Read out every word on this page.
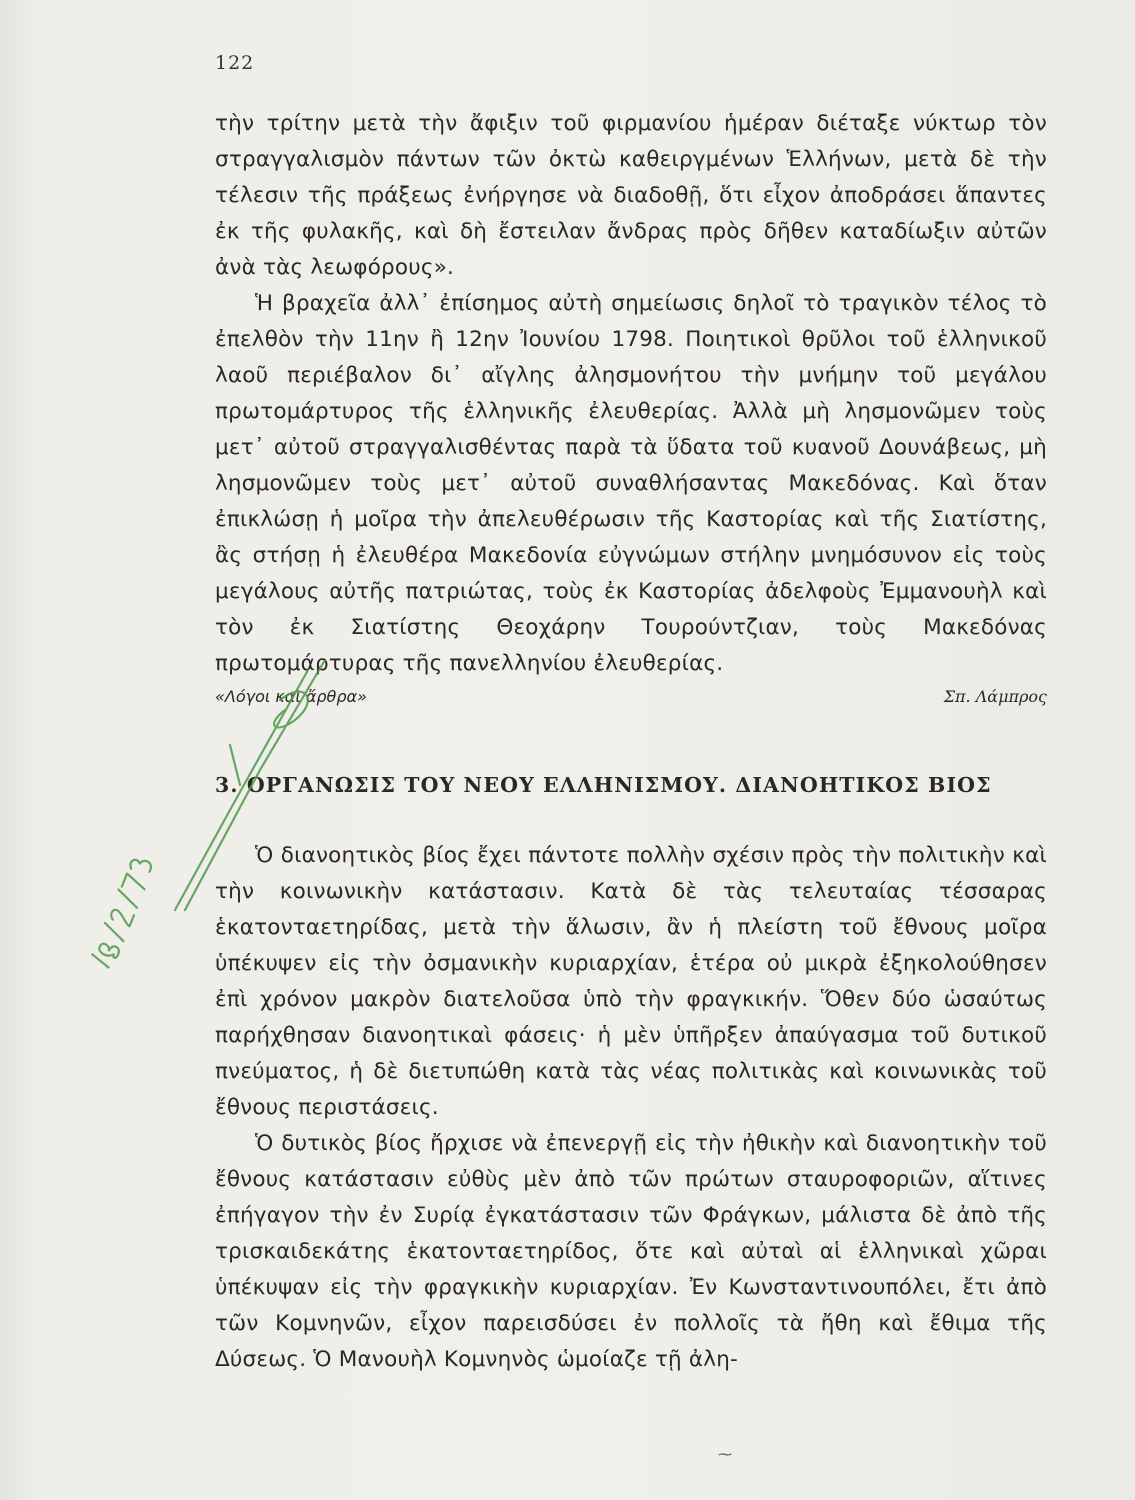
122

τὴν τρίτην μετὰ τὴν ἄφιξιν τοῦ φιρμανίου ἡμέραν διέταξε νύκτωρ τὸν στραγγαλισμὸν πάντων τῶν ὀκτὼ καθειργμένων Ἑλλήνων, μετὰ δὲ τὴν τέλεσιν τῆς πράξεως ἐνήργησε νὰ διαδοθῇ, ὅτι εἶχον ἀποδράσει ἅπαντες ἐκ τῆς φυλακῆς, καὶ δὴ ἔστειλαν ἄνδρας πρὸς δῆθεν καταδίωξιν αὐτῶν ἀνὰ τὰς λεωφόρους».

Ἡ βραχεῖα ἀλλ᾽ ἐπίσημος αὐτὴ σημείωσις δηλοῖ τὸ τραγικὸν τέλος τὸ ἐπελθὸν τὴν 11ην ἢ 12ην Ἰουνίου 1798. Ποιητικοὶ θρῦλοι τοῦ ἑλληνικοῦ λαοῦ περιέβαλον δι᾽ αἴγλης ἀλησμονήτου τὴν μνήμην τοῦ μεγάλου πρωτομάρτυρος τῆς ἑλληνικῆς ἐλευθερίας. Ἀλλὰ μὴ λησμονῶμεν τοὺς μετ᾽ αὐτοῦ στραγγαλισθέντας παρὰ τὰ ὕδατα τοῦ κυανοῦ Δουνάβεως, μὴ λησμονῶμεν τοὺς μετ᾽ αὐτοῦ συναθλήσαντας Μακεδόνας. Καὶ ὅταν ἐπικλώσῃ ἡ μοῖρα τὴν ἀπελευθέρωσιν τῆς Καστορίας καὶ τῆς Σιατίστης, ἂς στήσῃ ἡ ἐλευθέρα Μακεδονία εὐγνώμων στήλην μνημόσυνον εἰς τοὺς μεγάλους αὐτῆς πατριώτας, τοὺς ἐκ Καστορίας ἀδελφοὺς Ἐμμανουὴλ καὶ τὸν ἐκ Σιατίστης Θεοχάρην Τουρούντζιαν, τοὺς Μακεδόνας πρωτομάρτυρας τῆς πανελληνίου ἐλευθερίας.

«Λόγοι καὶ ἄρθρα»	Σπ. Λάμπρος
3. ΟΡΓΑΝΩΣΙΣ ΤΟΥ ΝΕΟΥ ΕΛΛΗΝΙΣΜΟΥ. ΔΙΑΝΟΗΤΙΚΟΣ ΒΙΟΣ

Ὁ διανοητικὸς βίος ἔχει πάντοτε πολλὴν σχέσιν πρὸς τὴν πολιτικὴν καὶ τὴν κοινωνικὴν κατάστασιν. Κατὰ δὲ τὰς τελευταίας τέσσαρας ἑκατονταετηρίδας, μετὰ τὴν ἅλωσιν, ἂν ἡ πλείστη τοῦ ἔθνους μοῖρα ὑπέκυψεν εἰς τὴν ὀσμανικὴν κυριαρχίαν, ἑτέρα οὐ μικρὰ ἐξηκολούθησεν ἐπὶ χρόνον μακρὸν διατελοῦσα ὑπὸ τὴν φραγκικήν. Ὅθεν δύο ὡσαύτως παρήχθησαν διανοητικαὶ φάσεις· ἡ μὲν ὑπῆρξεν ἀπαύγασμα τοῦ δυτικοῦ πνεύματος, ἡ δὲ διετυπώθη κατὰ τὰς νέας πολιτικὰς καὶ κοινωνικὰς τοῦ ἔθνους περιστάσεις.

Ὁ δυτικὸς βίος ἤρχισε νὰ ἐπενεργῇ εἰς τὴν ἠθικὴν καὶ διανοητικὴν τοῦ ἔθνους κατάστασιν εὐθὺς μὲν ἀπὸ τῶν πρώτων σταυροφοριῶν, αἵτινες ἐπήγαγον τὴν ἐν Συρίᾳ ἐγκατάστασιν τῶν Φράγκων, μάλιστα δὲ ἀπὸ τῆς τρισκαιδεκάτης ἑκατονταετηρίδος, ὅτε καὶ αὐταὶ αἱ ἑλληνικαὶ χῶραι ὑπέκυψαν εἰς τὴν φραγκικὴν κυριαρχίαν. Ἐν Κωνσταντινουπόλει, ἔτι ἀπὸ τῶν Κομνηνῶν, εἶχον παρεισδύσει ἐν πολλοῖς τὰ ἤθη καὶ ἔθιμα τῆς Δύσεως. Ὁ Μανουὴλ Κομνηνὸς ὡμοίαζε τῇ ἀλη-

⁓
